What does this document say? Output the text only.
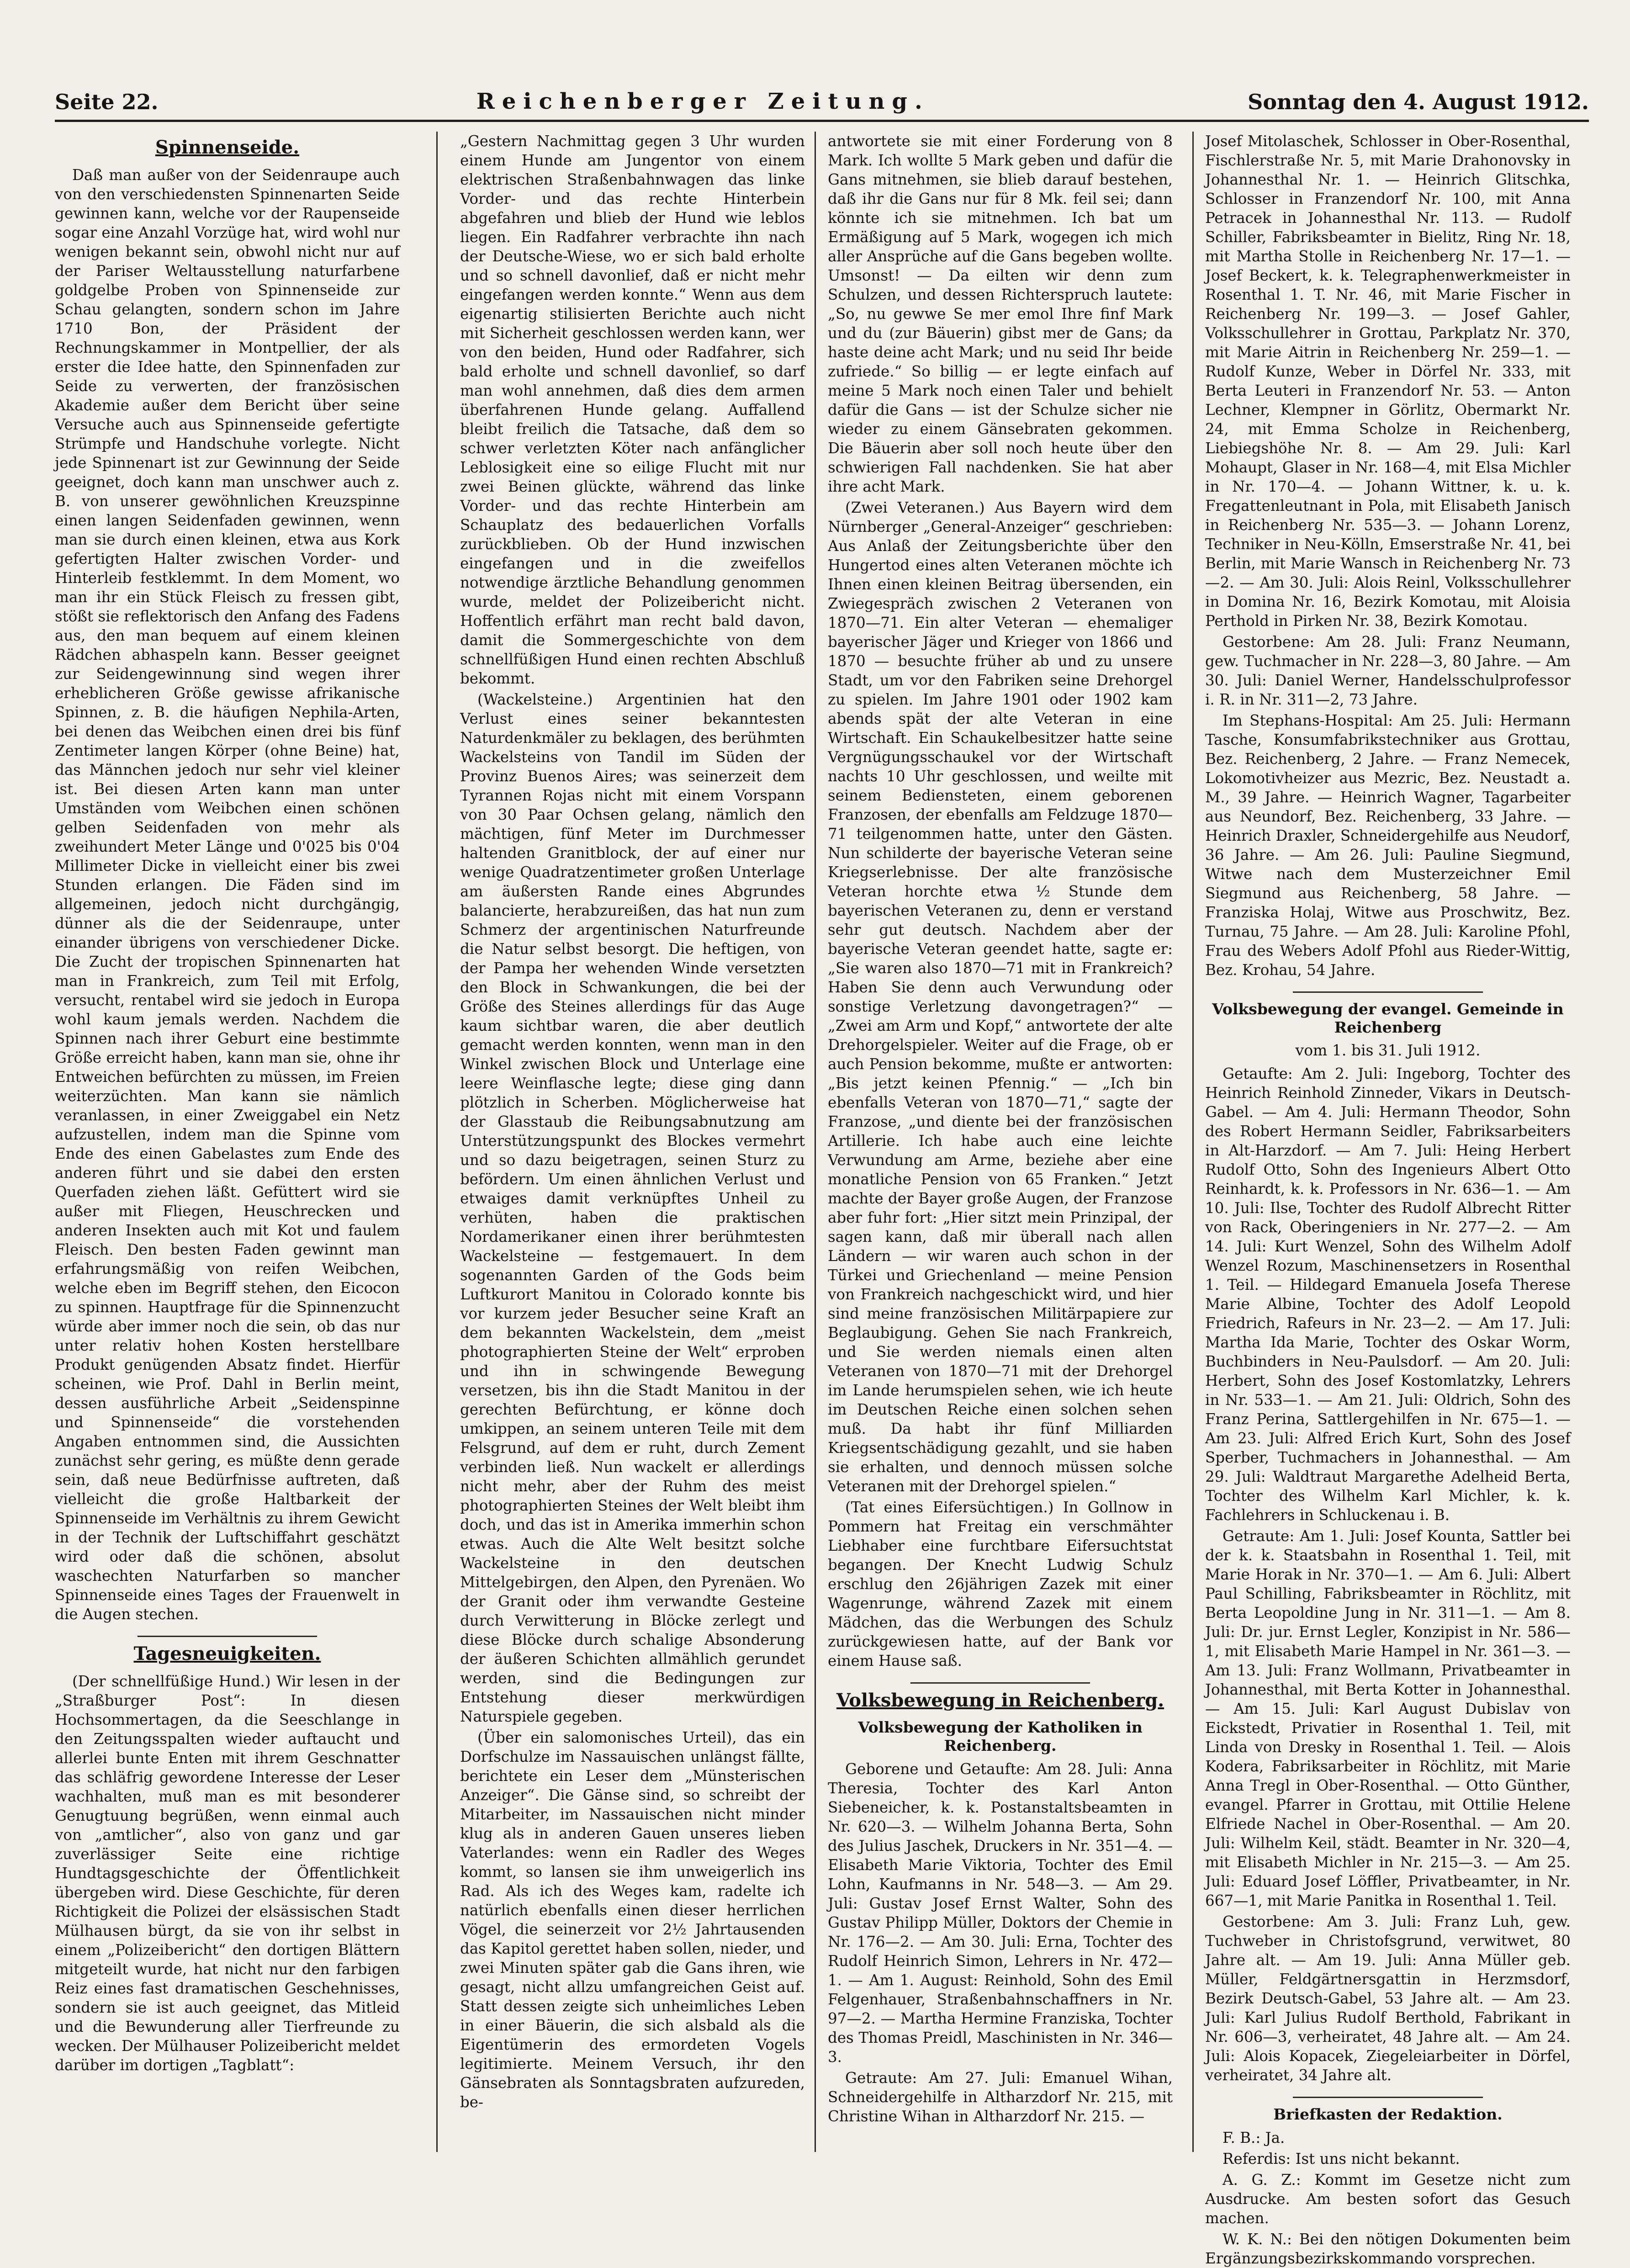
Seite 22.	Reichenberger Zeitung.	Sonntag den 4. August 1912.
Spinnenseide.

Daß man außer von der Seidenraupe auch von den verschiedensten Spinnenarten Seide gewinnen kann, welche vor der Raupenseide sogar eine Anzahl Vorzüge hat, wird wohl nur wenigen bekannt sein, obwohl nicht nur auf der Pariser Weltausstellung naturfarbene goldgelbe Proben von Spinnenseide zur Schau gelangten, sondern schon im Jahre 1710 Bon, der Präsident der Rechnungskammer in Montpellier, der als erster die Idee hatte, den Spinnenfaden zur Seide zu verwerten, der französischen Akademie außer dem Bericht über seine Versuche auch aus Spinnenseide gefertigte Strümpfe und Handschuhe vorlegte. Nicht jede Spinnenart ist zur Gewinnung der Seide geeignet, doch kann man unschwer auch z. B. von unserer gewöhnlichen Kreuzspinne einen langen Seidenfaden gewinnen, wenn man sie durch einen kleinen, etwa aus Kork gefertigten Halter zwischen Vorder- und Hinterleib festklemmt. In dem Moment, wo man ihr ein Stück Fleisch zu fressen gibt, stößt sie reflektorisch den Anfang des Fadens aus, den man bequem auf einem kleinen Rädchen abhaspeln kann. Besser geeignet zur Seidengewinnung sind wegen ihrer erheblicheren Größe gewisse afrikanische Spinnen, z. B. die häufigen Nephila-Arten, bei denen das Weibchen einen drei bis fünf Zentimeter langen Körper (ohne Beine) hat, das Männchen jedoch nur sehr viel kleiner ist. Bei diesen Arten kann man unter Umständen vom Weibchen einen schönen gelben Seidenfaden von mehr als zweihundert Meter Länge und 0'025 bis 0'04 Millimeter Dicke in vielleicht einer bis zwei Stunden erlangen. Die Fäden sind im allgemeinen, jedoch nicht durchgängig, dünner als die der Seidenraupe, unter einander übrigens von verschiedener Dicke. Die Zucht der tropischen Spinnenarten hat man in Frankreich, zum Teil mit Erfolg, versucht, rentabel wird sie jedoch in Europa wohl kaum jemals werden. Nachdem die Spinnen nach ihrer Geburt eine bestimmte Größe erreicht haben, kann man sie, ohne ihr Entweichen befürchten zu müssen, im Freien weiterzüchten. Man kann sie nämlich veranlassen, in einer Zweiggabel ein Netz aufzustellen, indem man die Spinne vom Ende des einen Gabelastes zum Ende des anderen führt und sie dabei den ersten Querfaden ziehen läßt. Gefüttert wird sie außer mit Fliegen, Heuschrecken und anderen Insekten auch mit Kot und faulem Fleisch. Den besten Faden gewinnt man erfahrungsmäßig von reifen Weibchen, welche eben im Begriff stehen, den Eicocon zu spinnen. Hauptfrage für die Spinnenzucht würde aber immer noch die sein, ob das nur unter relativ hohen Kosten herstellbare Produkt genügenden Absatz findet. Hierfür scheinen, wie Prof. Dahl in Berlin meint, dessen ausführliche Arbeit „Seidenspinne und Spinnenseide“ die vorstehenden Angaben entnommen sind, die Aussichten zunächst sehr gering, es müßte denn gerade sein, daß neue Bedürfnisse auftreten, daß vielleicht die große Haltbarkeit der Spinnenseide im Verhältnis zu ihrem Gewicht in der Technik der Luftschiffahrt geschätzt wird oder daß die schönen, absolut waschechten Naturfarben so mancher Spinnenseide eines Tages der Frauenwelt in die Augen stechen.

Tagesneuigkeiten.

(Der schnellfüßige Hund.) Wir lesen in der „Straßburger Post“: In diesen Hochsommertagen, da die Seeschlange in den Zeitungsspalten wieder auftaucht und allerlei bunte Enten mit ihrem Geschnatter das schläfrig gewordene Interesse der Leser wachhalten, muß man es mit besonderer Genugtuung begrüßen, wenn einmal auch von „amtlicher“, also von ganz und gar zuverlässiger Seite eine richtige Hundtagsgeschichte der Öffentlichkeit übergeben wird. Diese Geschichte, für deren Richtigkeit die Polizei der elsässischen Stadt Mülhausen bürgt, da sie von ihr selbst in einem „Polizeibericht“ den dortigen Blättern mitgeteilt wurde, hat nicht nur den farbigen Reiz eines fast dramatischen Geschehnisses, sondern sie ist auch geeignet, das Mitleid und die Bewunderung aller Tierfreunde zu wecken. Der Mülhauser Polizeibericht meldet darüber im dortigen „Tagblatt“:

„Gestern Nachmittag gegen 3 Uhr wurden einem Hunde am Jungentor von einem elektrischen Straßenbahnwagen das linke Vorder- und das rechte Hinterbein abgefahren und blieb der Hund wie leblos liegen. Ein Radfahrer verbrachte ihn nach der Deutsche-Wiese, wo er sich bald erholte und so schnell davonlief, daß er nicht mehr eingefangen werden konnte.“ Wenn aus dem eigenartig stilisierten Berichte auch nicht mit Sicherheit geschlossen werden kann, wer von den beiden, Hund oder Radfahrer, sich bald erholte und schnell davonlief, so darf man wohl annehmen, daß dies dem armen überfahrenen Hunde gelang. Auffallend bleibt freilich die Tatsache, daß dem so schwer verletzten Köter nach anfänglicher Leblosigkeit eine so eilige Flucht mit nur zwei Beinen glückte, während das linke Vorder- und das rechte Hinterbein am Schauplatz des bedauerlichen Vorfalls zurückblieben. Ob der Hund inzwischen eingefangen und in die zweifellos notwendige ärztliche Behandlung genommen wurde, meldet der Polizeibericht nicht. Hoffentlich erfährt man recht bald davon, damit die Sommergeschichte von dem schnellfüßigen Hund einen rechten Abschluß bekommt.

(Wackelsteine.) Argentinien hat den Verlust eines seiner bekanntesten Naturdenkmäler zu beklagen, des berühmten Wackelsteins von Tandil im Süden der Provinz Buenos Aires; was seinerzeit dem Tyrannen Rojas nicht mit einem Vorspann von 30 Paar Ochsen gelang, nämlich den mächtigen, fünf Meter im Durchmesser haltenden Granitblock, der auf einer nur wenige Quadratzentimeter großen Unterlage am äußersten Rande eines Abgrundes balancierte, herabzureißen, das hat nun zum Schmerz der argentinischen Naturfreunde die Natur selbst besorgt. Die heftigen, von der Pampa her wehenden Winde versetzten den Block in Schwankungen, die bei der Größe des Steines allerdings für das Auge kaum sichtbar waren, die aber deutlich gemacht werden konnten, wenn man in den Winkel zwischen Block und Unterlage eine leere Weinflasche legte; diese ging dann plötzlich in Scherben. Möglicherweise hat der Glasstaub die Reibungsabnutzung am Unterstützungspunkt des Blockes vermehrt und so dazu beigetragen, seinen Sturz zu befördern. Um einen ähnlichen Verlust und etwaiges damit verknüpftes Unheil zu verhüten, haben die praktischen Nordamerikaner einen ihrer berühmtesten Wackelsteine — festgemauert. In dem sogenannten Garden of the Gods beim Luftkurort Manitou in Colorado konnte bis vor kurzem jeder Besucher seine Kraft an dem bekannten Wackelstein, dem „meist photographierten Steine der Welt“ erproben und ihn in schwingende Bewegung versetzen, bis ihn die Stadt Manitou in der gerechten Befürchtung, er könne doch umkippen, an seinem unteren Teile mit dem Felsgrund, auf dem er ruht, durch Zement verbinden ließ. Nun wackelt er allerdings nicht mehr, aber der Ruhm des meist photographierten Steines der Welt bleibt ihm doch, und das ist in Amerika immerhin schon etwas. Auch die Alte Welt besitzt solche Wackelsteine in den deutschen Mittelgebirgen, den Alpen, den Pyrenäen. Wo der Granit oder ihm verwandte Gesteine durch Verwitterung in Blöcke zerlegt und diese Blöcke durch schalige Absonderung der äußeren Schichten allmählich gerundet werden, sind die Bedingungen zur Entstehung dieser merkwürdigen Naturspiele gegeben.

(Über ein salomonisches Urteil), das ein Dorfschulze im Nassauischen unlängst fällte, berichtete ein Leser dem „Münsterischen Anzeiger“. Die Gänse sind, so schreibt der Mitarbeiter, im Nassauischen nicht minder klug als in anderen Gauen unseres lieben Vaterlandes: wenn ein Radler des Weges kommt, so lansen sie ihm unweigerlich ins Rad. Als ich des Weges kam, radelte ich natürlich ebenfalls einen dieser herrlichen Vögel, die seinerzeit vor 2½ Jahrtausenden das Kapitol gerettet haben sollen, nieder, und zwei Minuten später gab die Gans ihren, wie gesagt, nicht allzu umfangreichen Geist auf. Statt dessen zeigte sich unheimliches Leben in einer Bäuerin, die sich alsbald als die Eigentümerin des ermordeten Vogels legitimierte. Meinem Versuch, ihr den Gänsebraten als Sonntagsbraten aufzureden, be-

antwortete sie mit einer Forderung von 8 Mark. Ich wollte 5 Mark geben und dafür die Gans mitnehmen, sie blieb darauf bestehen, daß ihr die Gans nur für 8 Mk. feil sei; dann könnte ich sie mitnehmen. Ich bat um Ermäßigung auf 5 Mark, wogegen ich mich aller Ansprüche auf die Gans begeben wollte. Umsonst! — Da eilten wir denn zum Schulzen, und dessen Richterspruch lautete: „So, nu gewwe Se mer emol Ihre finf Mark und du (zur Bäuerin) gibst mer de Gans; da haste deine acht Mark; und nu seid Ihr beide zufriede.“ So billig — er legte einfach auf meine 5 Mark noch einen Taler und behielt dafür die Gans — ist der Schulze sicher nie wieder zu einem Gänsebraten gekommen. Die Bäuerin aber soll noch heute über den schwierigen Fall nachdenken. Sie hat aber ihre acht Mark.

(Zwei Veteranen.) Aus Bayern wird dem Nürnberger „General-Anzeiger“ geschrieben: Aus Anlaß der Zeitungsberichte über den Hungertod eines alten Veteranen möchte ich Ihnen einen kleinen Beitrag übersenden, ein Zwiegespräch zwischen 2 Veteranen von 1870—71. Ein alter Veteran — ehemaliger bayerischer Jäger und Krieger von 1866 und 1870 — besuchte früher ab und zu unsere Stadt, um vor den Fabriken seine Drehorgel zu spielen. Im Jahre 1901 oder 1902 kam abends spät der alte Veteran in eine Wirtschaft. Ein Schaukelbesitzer hatte seine Vergnügungsschaukel vor der Wirtschaft nachts 10 Uhr geschlossen, und weilte mit seinem Bediensteten, einem geborenen Franzosen, der ebenfalls am Feldzuge 1870—71 teilgenommen hatte, unter den Gästen. Nun schilderte der bayerische Veteran seine Kriegserlebnisse. Der alte französische Veteran horchte etwa ½ Stunde dem bayerischen Veteranen zu, denn er verstand sehr gut deutsch. Nachdem aber der bayerische Veteran geendet hatte, sagte er: „Sie waren also 1870—71 mit in Frankreich? Haben Sie denn auch Verwundung oder sonstige Verletzung davongetragen?“ — „Zwei am Arm und Kopf,“ antwortete der alte Drehorgelspieler. Weiter auf die Frage, ob er auch Pension bekomme, mußte er antworten: „Bis jetzt keinen Pfennig.“ — „Ich bin ebenfalls Veteran von 1870—71,“ sagte der Franzose, „und diente bei der französischen Artillerie. Ich habe auch eine leichte Verwundung am Arme, beziehe aber eine monatliche Pension von 65 Franken.“ Jetzt machte der Bayer große Augen, der Franzose aber fuhr fort: „Hier sitzt mein Prinzipal, der sagen kann, daß mir überall nach allen Ländern — wir waren auch schon in der Türkei und Griechenland — meine Pension von Frankreich nachgeschickt wird, und hier sind meine französischen Militärpapiere zur Beglaubigung. Gehen Sie nach Frankreich, und Sie werden niemals einen alten Veteranen von 1870—71 mit der Drehorgel im Lande herumspielen sehen, wie ich heute im Deutschen Reiche einen solchen sehen muß. Da habt ihr fünf Milliarden Kriegsentschädigung gezahlt, und sie haben sie erhalten, und dennoch müssen solche Veteranen mit der Drehorgel spielen.“

(Tat eines Eifersüchtigen.) In Gollnow in Pommern hat Freitag ein verschmähter Liebhaber eine furchtbare Eifersuchtstat begangen. Der Knecht Ludwig Schulz erschlug den 26jährigen Zazek mit einer Wagenrunge, während Zazek mit einem Mädchen, das die Werbungen des Schulz zurückgewiesen hatte, auf der Bank vor einem Hause saß.

Volksbewegung in Reichenberg.
Volksbewegung der Katholiken in Reichenberg.

Geborene und Getaufte: Am 28. Juli: Anna Theresia, Tochter des Karl Anton Siebeneicher, k. k. Postanstaltsbeamten in Nr. 620—3. — Wilhelm Johanna Berta, Sohn des Julius Jaschek, Druckers in Nr. 351—4. — Elisabeth Marie Viktoria, Tochter des Emil Lohn, Kaufmanns in Nr. 548—3. — Am 29. Juli: Gustav Josef Ernst Walter, Sohn des Gustav Philipp Müller, Doktors der Chemie in Nr. 176—2. — Am 30. Juli: Erna, Tochter des Rudolf Heinrich Simon, Lehrers in Nr. 472—1. — Am 1. August: Reinhold, Sohn des Emil Felgenhauer, Straßenbahnschaffners in Nr. 97—2. — Martha Hermine Franziska, Tochter des Thomas Preidl, Maschinisten in Nr. 346—3.

Getraute: Am 27. Juli: Emanuel Wihan, Schneidergehilfe in Altharzdorf Nr. 215, mit Christine Wihan in Altharzdorf Nr. 215. —

Josef Mitolaschek, Schlosser in Ober-Rosenthal, Fischlerstraße Nr. 5, mit Marie Drahonovsky in Johannesthal Nr. 1. — Heinrich Glitschka, Schlosser in Franzendorf Nr. 100, mit Anna Petracek in Johannesthal Nr. 113. — Rudolf Schiller, Fabriksbeamter in Bielitz, Ring Nr. 18, mit Martha Stolle in Reichenberg Nr. 17—1. — Josef Beckert, k. k. Telegraphenwerkmeister in Rosenthal 1. T. Nr. 46, mit Marie Fischer in Reichenberg Nr. 199—3. — Josef Gahler, Volksschullehrer in Grottau, Parkplatz Nr. 370, mit Marie Aitrin in Reichenberg Nr. 259—1. — Rudolf Kunze, Weber in Dörfel Nr. 333, mit Berta Leuteri in Franzendorf Nr. 53. — Anton Lechner, Klempner in Görlitz, Obermarkt Nr. 24, mit Emma Scholze in Reichenberg, Liebiegshöhe Nr. 8. — Am 29. Juli: Karl Mohaupt, Glaser in Nr. 168—4, mit Elsa Michler in Nr. 170—4. — Johann Wittner, k. u. k. Fregattenleutnant in Pola, mit Elisabeth Janisch in Reichenberg Nr. 535—3. — Johann Lorenz, Techniker in Neu-Kölln, Emserstraße Nr. 41, bei Berlin, mit Marie Wansch in Reichenberg Nr. 73—2. — Am 30. Juli: Alois Reinl, Volksschullehrer in Domina Nr. 16, Bezirk Komotau, mit Aloisia Perthold in Pirken Nr. 38, Bezirk Komotau.

Gestorbene: Am 28. Juli: Franz Neumann, gew. Tuchmacher in Nr. 228—3, 80 Jahre. — Am 30. Juli: Daniel Werner, Handelsschulprofessor i. R. in Nr. 311—2, 73 Jahre.

Im Stephans-Hospital: Am 25. Juli: Hermann Tasche, Konsumfabrikstechniker aus Grottau, Bez. Reichenberg, 2 Jahre. — Franz Nemecek, Lokomotivheizer aus Mezric, Bez. Neustadt a. M., 39 Jahre. — Heinrich Wagner, Tagarbeiter aus Neundorf, Bez. Reichenberg, 33 Jahre. — Heinrich Draxler, Schneidergehilfe aus Neudorf, 36 Jahre. — Am 26. Juli: Pauline Siegmund, Witwe nach dem Musterzeichner Emil Siegmund aus Reichenberg, 58 Jahre. — Franziska Holaj, Witwe aus Proschwitz, Bez. Turnau, 75 Jahre. — Am 28. Juli: Karoline Pfohl, Frau des Webers Adolf Pfohl aus Rieder-Wittig, Bez. Krohau, 54 Jahre.

Volksbewegung der evangel. Gemeinde in Reichenberg
vom 1. bis 31. Juli 1912.

Getaufte: Am 2. Juli: Ingeborg, Tochter des Heinrich Reinhold Zinneder, Vikars in Deutsch-Gabel. — Am 4. Juli: Hermann Theodor, Sohn des Robert Hermann Seidler, Fabriksarbeiters in Alt-Harzdorf. — Am 7. Juli: Heing Herbert Rudolf Otto, Sohn des Ingenieurs Albert Otto Reinhardt, k. k. Professors in Nr. 636—1. — Am 10. Juli: Ilse, Tochter des Rudolf Albrecht Ritter von Rack, Oberingeniers in Nr. 277—2. — Am 14. Juli: Kurt Wenzel, Sohn des Wilhelm Adolf Wenzel Rozum, Maschinensetzers in Rosenthal 1. Teil. — Hildegard Emanuela Josefa Therese Marie Albine, Tochter des Adolf Leopold Friedrich, Rafeurs in Nr. 23—2. — Am 17. Juli: Martha Ida Marie, Tochter des Oskar Worm, Buchbinders in Neu-Paulsdorf. — Am 20. Juli: Herbert, Sohn des Josef Kostomlatzky, Lehrers in Nr. 533—1. — Am 21. Juli: Oldrich, Sohn des Franz Perina, Sattlergehilfen in Nr. 675—1. — Am 23. Juli: Alfred Erich Kurt, Sohn des Josef Sperber, Tuchmachers in Johannesthal. — Am 29. Juli: Waldtraut Margarethe Adelheid Berta, Tochter des Wilhelm Karl Michler, k. k. Fachlehrers in Schluckenau i. B.

Getraute: Am 1. Juli: Josef Kounta, Sattler bei der k. k. Staatsbahn in Rosenthal 1. Teil, mit Marie Horak in Nr. 370—1. — Am 6. Juli: Albert Paul Schilling, Fabriksbeamter in Röchlitz, mit Berta Leopoldine Jung in Nr. 311—1. — Am 8. Juli: Dr. jur. Ernst Legler, Konzipist in Nr. 586—1, mit Elisabeth Marie Hampel in Nr. 361—3. — Am 13. Juli: Franz Wollmann, Privatbeamter in Johannesthal, mit Berta Kotter in Johannesthal. — Am 15. Juli: Karl August Dubislav von Eickstedt, Privatier in Rosenthal 1. Teil, mit Linda von Dresky in Rosenthal 1. Teil. — Alois Kodera, Fabriksarbeiter in Röchlitz, mit Marie Anna Tregl in Ober-Rosenthal. — Otto Günther, evangel. Pfarrer in Grottau, mit Ottilie Helene Elfriede Nachel in Ober-Rosenthal. — Am 20. Juli: Wilhelm Keil, städt. Beamter in Nr. 320—4, mit Elisabeth Michler in Nr. 215—3. — Am 25. Juli: Eduard Josef Löffler, Privatbeamter, in Nr. 667—1, mit Marie Panitka in Rosenthal 1. Teil.

Gestorbene: Am 3. Juli: Franz Luh, gew. Tuchweber in Christofsgrund, verwitwet, 80 Jahre alt. — Am 19. Juli: Anna Müller geb. Müller, Feldgärtnersgattin in Herzmsdorf, Bezirk Deutsch-Gabel, 53 Jahre alt. — Am 23. Juli: Karl Julius Rudolf Berthold, Fabrikant in Nr. 606—3, verheiratet, 48 Jahre alt. — Am 24. Juli: Alois Kopacek, Ziegeleiarbeiter in Dörfel, verheiratet, 34 Jahre alt.

Briefkasten der Redaktion.

F. B.: Ja.

Referdis: Ist uns nicht bekannt.

A. G. Z.: Kommt im Gesetze nicht zum Ausdrucke. Am besten sofort das Gesuch machen.

W. K. N.: Bei den nötigen Dokumenten beim Ergänzungsbezirkskommando vorsprechen.
